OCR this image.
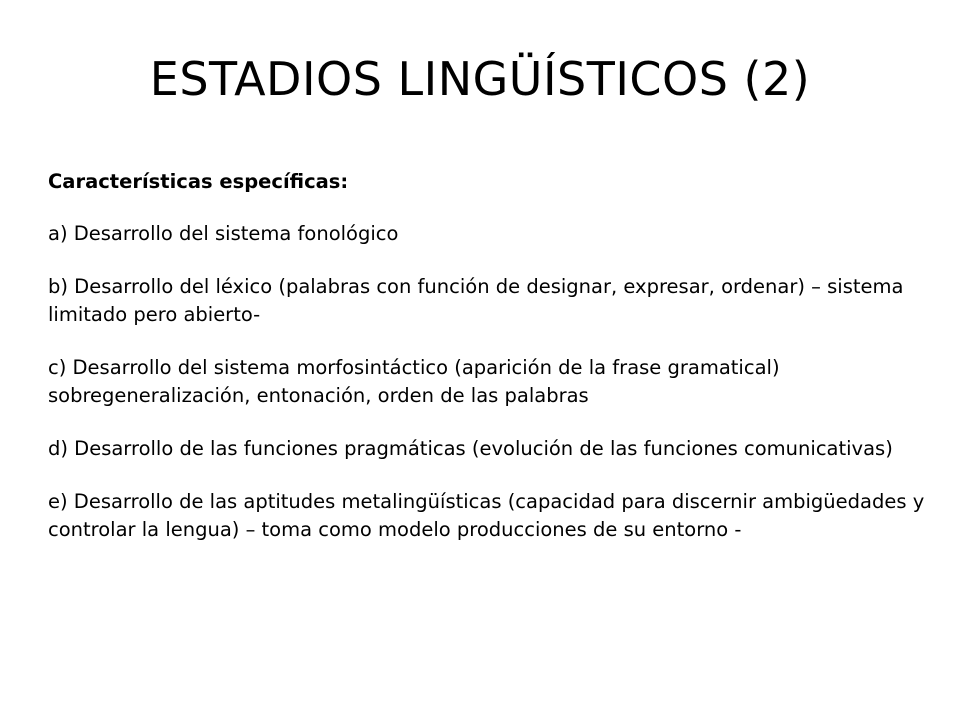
ESTADIOS LINGÜÍSTICOS (2)

Características específicas:

a) Desarrollo del sistema fonológico

b) Desarrollo del léxico (palabras con función de designar, expresar, ordenar) – sistema limitado pero abierto-

c) Desarrollo del sistema morfosintáctico (aparición de la frase gramatical) sobregeneralización, entonación, orden de las palabras

d) Desarrollo de las funciones pragmáticas (evolución de las funciones comunicativas)

e) Desarrollo de las aptitudes metalingüísticas (capacidad para discernir ambigüedades y controlar la lengua) – toma como modelo producciones de su entorno -
